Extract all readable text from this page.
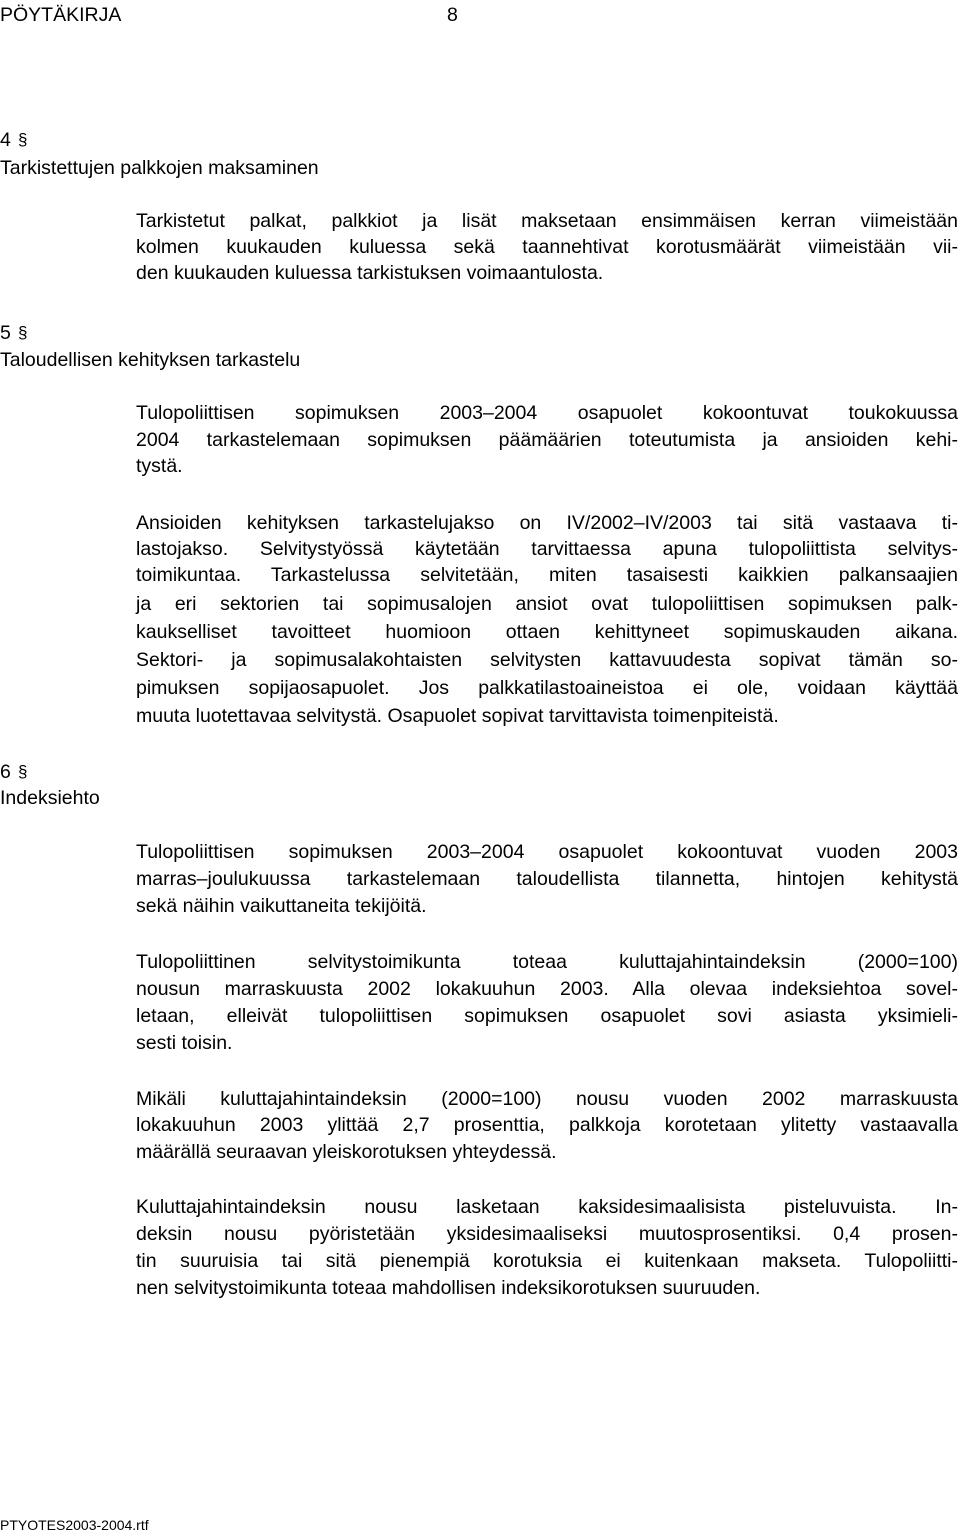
PÖYTÄKIRJA	8
4 §
Tarkistettujen palkkojen maksaminen
Tarkistetut palkat, palkkiot ja lisät maksetaan ensimmäisen kerran viimeistään
kolmen kuukauden kuluessa sekä taannehtivat korotusmäärät viimeistään vii-
den kuukauden kuluessa tarkistuksen voimaantulosta.
5 §
Taloudellisen kehityksen tarkastelu
Tulopoliittisen sopimuksen 2003–2004 osapuolet kokoontuvat toukokuussa
2004 tarkastelemaan sopimuksen päämäärien toteutumista ja ansioiden kehi-
tystä.
Ansioiden kehityksen tarkastelujakso on IV/2002–IV/2003 tai sitä vastaava ti-
lastojakso. Selvitystyössä käytetään tarvittaessa apuna tulopoliittista selvitys-
toimikuntaa. Tarkastelussa selvitetään, miten tasaisesti kaikkien palkansaajien
ja eri sektorien tai sopimusalojen ansiot ovat tulopoliittisen sopimuksen palk-
kaukselliset tavoitteet huomioon ottaen kehittyneet sopimuskauden aikana.
Sektori- ja sopimusalakohtaisten selvitysten kattavuudesta sopivat tämän so-
pimuksen sopijaosapuolet. Jos palkkatilastoaineistoa ei ole, voidaan käyttää
muuta luotettavaa selvitystä. Osapuolet sopivat tarvittavista toimenpiteistä.
6 §
Indeksiehto
Tulopoliittisen sopimuksen 2003–2004 osapuolet kokoontuvat vuoden 2003
marras–joulukuussa tarkastelemaan taloudellista tilannetta, hintojen kehitystä
sekä näihin vaikuttaneita tekijöitä.
Tulopoliittinen selvitystoimikunta toteaa kuluttajahintaindeksin (2000=100)
nousun marraskuusta 2002 lokakuuhun 2003. Alla olevaa indeksiehtoa sovel-
letaan, elleivät tulopoliittisen sopimuksen osapuolet sovi asiasta yksimieli-
sesti toisin.
Mikäli kuluttajahintaindeksin (2000=100) nousu vuoden 2002 marraskuusta
lokakuuhun 2003 ylittää 2,7 prosenttia, palkkoja korotetaan ylitetty vastaavalla
määrällä seuraavan yleiskorotuksen yhteydessä.
Kuluttajahintaindeksin nousu lasketaan kaksidesimaalisista pisteluvuista. In-
deksin nousu pyöristetään yksidesimaaliseksi muutosprosentiksi. 0,4 prosen-
tin suuruisia tai sitä pienempiä korotuksia ei kuitenkaan makseta. Tulopoliitti-
nen selvitystoimikunta toteaa mahdollisen indeksikorotuksen suuruuden.
PTYOTES2003-2004.rtf
